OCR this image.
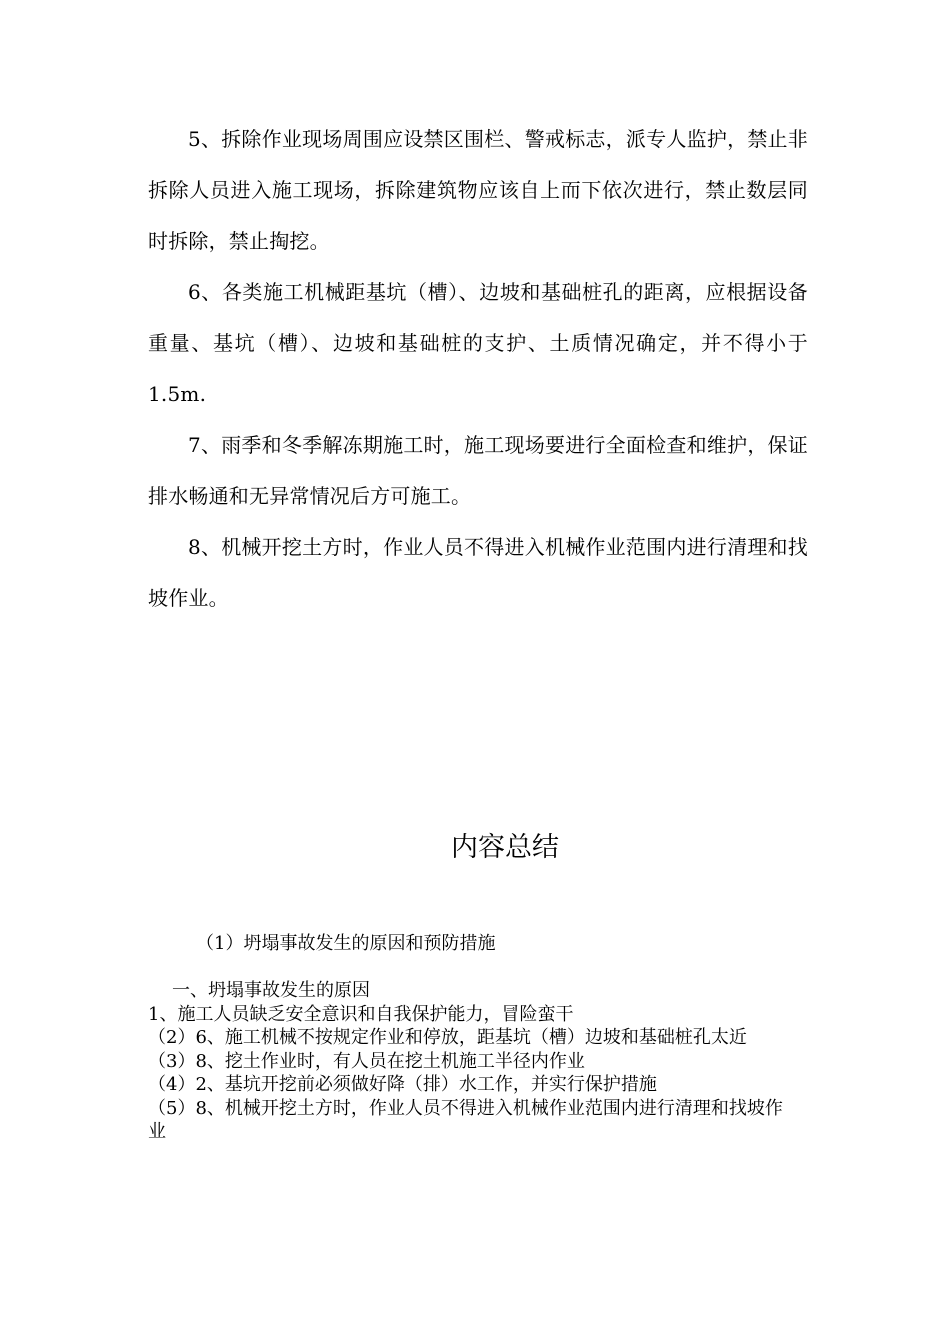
5、拆除作业现场周围应设禁区围栏、警戒标志，派专人监护，禁止非拆除人员进入施工现场，拆除建筑物应该自上而下依次进行，禁止数层同时拆除，禁止掏挖。

6、各类施工机械距基坑（槽）、边坡和基础桩孔的距离，应根据设备重量、基坑（槽）、边坡和基础桩的支护、土质情况确定，并不得小于1.5m.

7、雨季和冬季解冻期施工时，施工现场要进行全面检查和维护，保证排水畅通和无异常情况后方可施工。

8、机械开挖土方时，作业人员不得进入机械作业范围内进行清理和找坡作业。

内容总结

（1）坍塌事故发生的原因和预防措施

一、坍塌事故发生的原因
1、施工人员缺乏安全意识和自我保护能力，冒险蛮干
（2）6、施工机械不按规定作业和停放，距基坑（槽）边坡和基础桩孔太近
（3）8、挖土作业时，有人员在挖土机施工半径内作业
（4）2、基坑开挖前必须做好降（排）水工作，并实行保护措施
（5）8、机械开挖土方时，作业人员不得进入机械作业范围内进行清理和找坡作业
